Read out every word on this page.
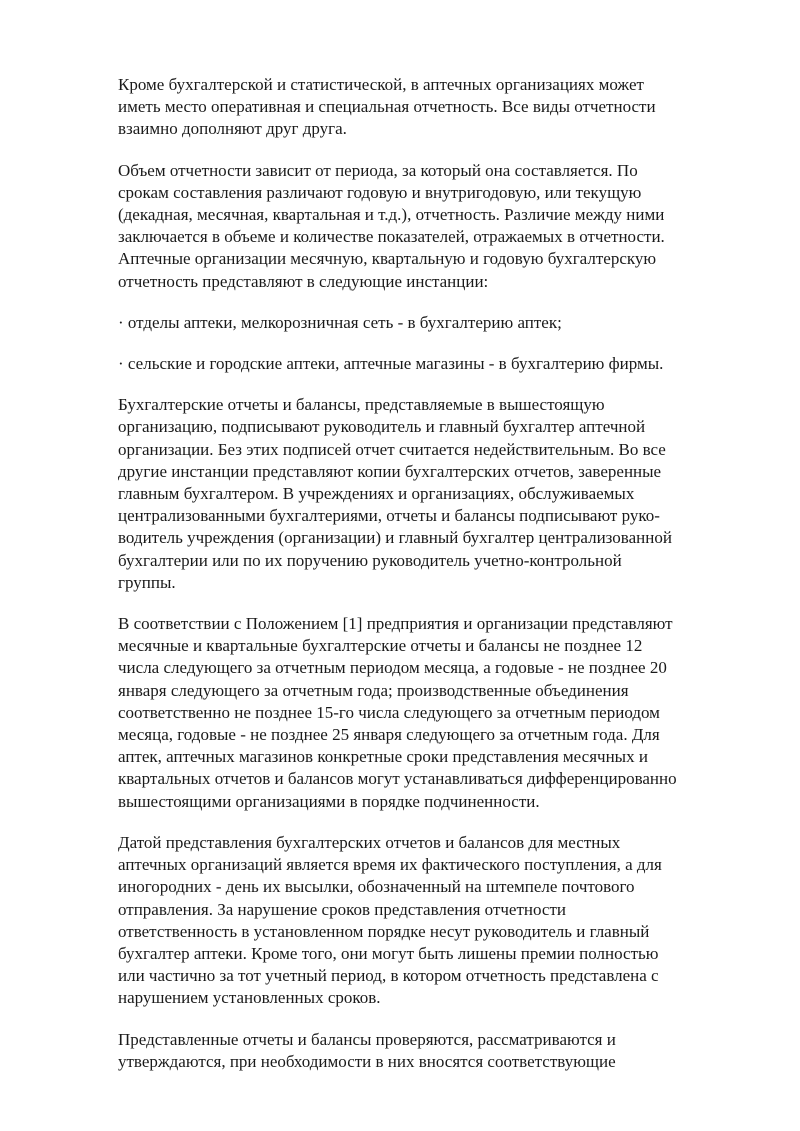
Кроме бухгалтерской и статистической, в аптечных организациях может
иметь место оперативная и специальная отчетность. Все виды отчетности
взаимно дополняют друг друга.

Объем отчетности зависит от периода, за который она составляется. По
срокам составления различают годовую и внутригодовую, или текущую
(декадная, месячная, квартальная и т.д.), отчетность. Различие между ними
заключается в объеме и количестве показателей, отражаемых в отчетности.
Аптечные организации месячную, квартальную и годовую бухгалтерскую
отчетность представляют в следующие инстанции:

· отделы аптеки, мелкорозничная сеть - в бухгалтерию аптек;

· сельские и городские аптеки, аптечные магазины - в бухгалтерию фирмы.

Бухгалтерские отчеты и балансы, представляемые в вышестоящую
организацию, подписывают руководитель и главный бухгалтер аптечной
организации. Без этих подписей отчет считается недействительным. Во все
другие инстанции представляют копии бухгалтерских отчетов, заверенные
главным бухгалтером. В учреждениях и организациях, обслуживаемых
централизованными бухгалтериями, отчеты и балансы подписывают руко-
водитель учреждения (организации) и главный бухгалтер централизованной
бухгалтерии или по их поручению руководитель учетно-контрольной
группы.

В соответствии с Положением [1] предприятия и организации представляют
месячные и квартальные бухгалтерские отчеты и балансы не позднее 12
числа следующего за отчетным периодом месяца, а годовые - не позднее 20
января следующего за отчетным года; производственные объединения
соответственно не позднее 15-го числа следующего за отчетным периодом
месяца, годовые - не позднее 25 января следующего за отчетным года. Для
аптек, аптечных магазинов конкретные сроки представления месячных и
квартальных отчетов и балансов могут устанавливаться дифференцированно
вышестоящими организациями в порядке подчиненности.

Датой представления бухгалтерских отчетов и балансов для местных
аптечных организаций является время их фактического поступления, а для
иногородних - день их высылки, обозначенный на штемпеле почтового
отправления. За нарушение сроков представления отчетности
ответственность в установленном порядке несут руководитель и главный
бухгалтер аптеки. Кроме того, они могут быть лишены премии полностью
или частично за тот учетный период, в котором отчетность представлена с
нарушением установленных сроков.

Представленные отчеты и балансы проверяются, рассматриваются и
утверждаются, при необходимости в них вносятся соответствующие
